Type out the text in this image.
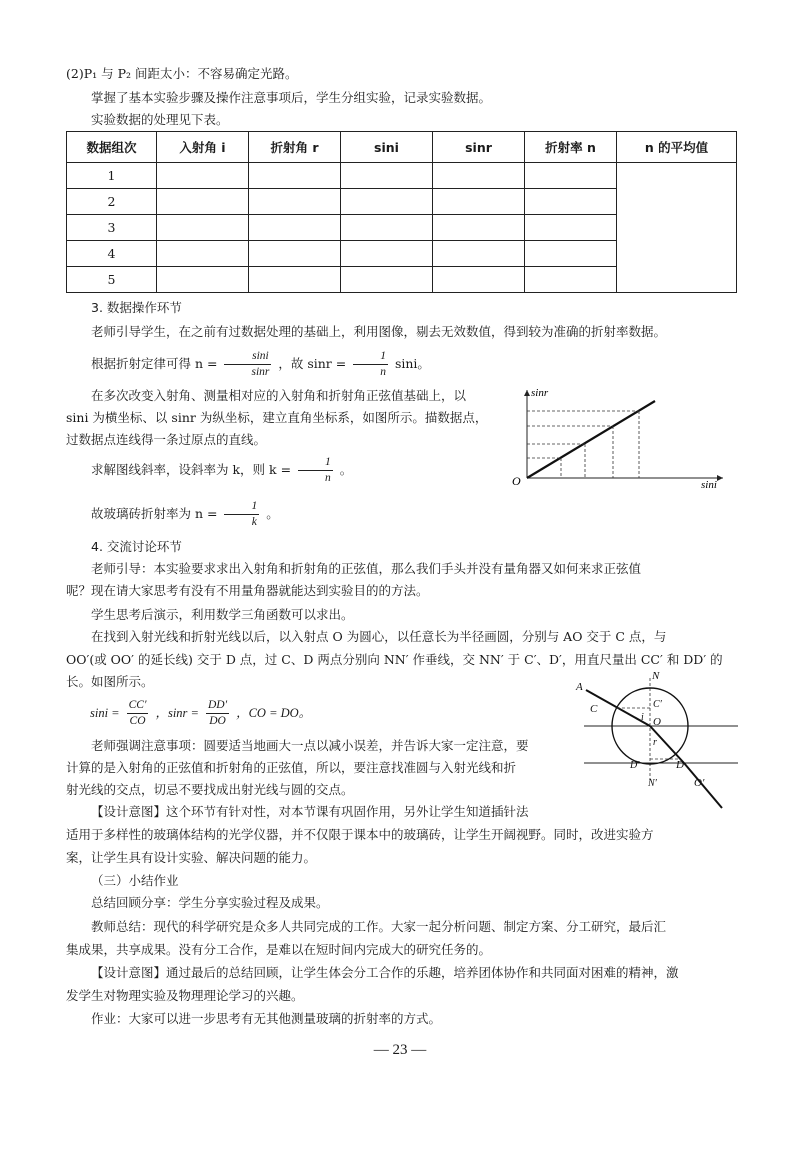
(2)P₁ 与 P₂ 间距太小：不容易确定光路。
掌握了基本实验步骤及操作注意事项后，学生分组实验，记录实验数据。
实验数据的处理见下表。
数据组次	入射角 i	折射角 r	sini	sinr	折射率 n	n 的平均值
1						
2						
3						
4						
5						
3. 数据操作环节
老师引导学生，在之前有过数据处理的基础上，利用图像，剔去无效数值，得到较为准确的折射率数据。
根据折射定律可得 $n = \frac{\sin i}{\sin r}$ ，故 $\sin r = \frac{1}{n}$ sini。
在多次改变入射角、测量相对应的入射角和折射角正弦值基础上，以
sini 为横坐标、以 sinr 为纵坐标，建立直角坐标系，如图所示。描数据点，
过数据点连线得一条过原点的直线。
求解图线斜率，设斜率为 k，则 $k = \frac{1}{n}$ 。
故玻璃砖折射率为 $n = \frac{1}{k}$ 。
sinr
sini
O
4. 交流讨论环节
老师引导：本实验要求求出入射角和折射角的正弦值，那么我们手头并没有量角器又如何来求正弦值
呢？现在请大家思考有没有不用量角器就能达到实验目的的方法。
学生思考后演示，利用数学三角函数可以求出。
在找到入射光线和折射光线以后，以入射点 O 为圆心，以任意长为半径画圆，分别与 AO 交于 C 点，与
OO′(或 OO′ 的延长线) 交于 D 点，过 C、D 两点分别向 NN′ 作垂线，交 NN′ 于 C′、D′，用直尺量出 CC′ 和 DD′ 的
长。如图所示。
$\sin i = \frac{CC'}{CO}$ ，$\sin r = \frac{DD'}{DO}$ ，CO = DO。
老师强调注意事项：圆要适当地画大一点以减小误差，并告诉大家一定注意，要
计算的是入射角的正弦值和折射角的正弦值，所以，要注意找准圆与入射光线和折
射光线的交点，切忌不要找成出射光线与圆的交点。
【设计意图】这个环节有针对性，对本节课有巩固作用，另外让学生知道插针法
适用于多样性的玻璃体结构的光学仪器，并不仅限于课本中的玻璃砖，让学生开阔视野。同时，改进实验方
案，让学生具有设计实验、解决问题的能力。
A
N
C	C′
i O
r
D′	D
N′	O′
（三）小结作业
总结回顾分享：学生分享实验过程及成果。
教师总结：现代的科学研究是众多人共同完成的工作。大家一起分析问题、制定方案、分工研究，最后汇
集成果，共享成果。没有分工合作，是难以在短时间内完成大的研究任务的。
【设计意图】通过最后的总结回顾，让学生体会分工合作的乐趣，培养团体协作和共同面对困难的精神，激
发学生对物理实验及物理理论学习的兴趣。
作业：大家可以进一步思考有无其他测量玻璃的折射率的方式。
— 23 —
